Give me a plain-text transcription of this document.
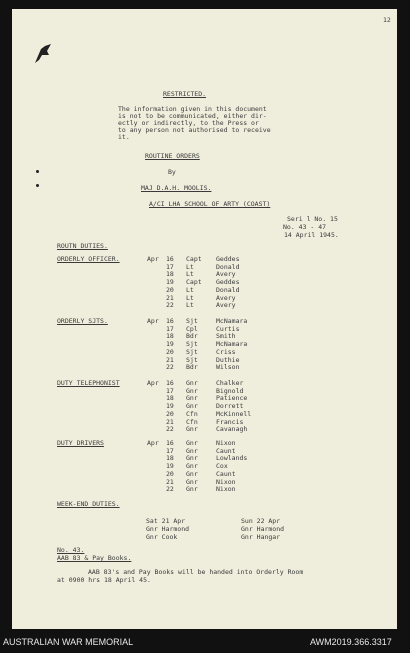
12
RESTRICTED.
The information given in this document
is not to be communicated, either dir-
ectly or indirectly, to the Press or
to any person not authorised to receive
it.
ROUTINE ORDERS
By
MAJ D.A.H. MOOLIS.
A/CI LHA SCHOOL OF ARTY (COAST)
Seri l No. 15
No. 43 - 47
14 April 1945.
ROUTN DUTIES.
ORDERLY OFFICER.	Apr 16 Capt Geddes
17 Lt	Donald
18 Lt	Avery
19 Capt Geddes
20 Lt	Donald
21 Lt	Avery
22 Lt	Avery
ORDERLY SJTS.	Apr 16 Sjt	McNamara
17 Cpl	Curtis
18 Bdr	Smith
19 Sjt	McNamara
20 Sjt	Criss
21 Sjt	Duthie
22 Bdr	Wilson
DUTY TELEPHONIST	Apr 16 Gnr	Chalker
17 Gnr	Bignold
18 Gnr	Patience
19 Gnr	Dorrett
20 Cfn	McKinnell
21 Cfn	Francis
22 Gnr	Cavanagh
DUTY DRIVERS	Apr 16 Gnr	Nixon
17 Gnr	Caunt
18 Gnr	Lowlands
19 Gnr	Cox
20 Gnr	Caunt
21 Gnr	Nixon
22 Gnr	Nixon
WEEK-END DUTIES.
Sat 21 Apr
Gnr Harmond
Gnr Cook
Sun 22 Apr
Gnr Harmond
Gnr Hangar
No. 43.
AAB 83 & Pay Books.
AAB 83's and Pay Books will be handed into Orderly Room
at 0900 hrs 18 April 45.
AUSTRALIAN WAR MEMORIAL	AWM2019.366.3317
